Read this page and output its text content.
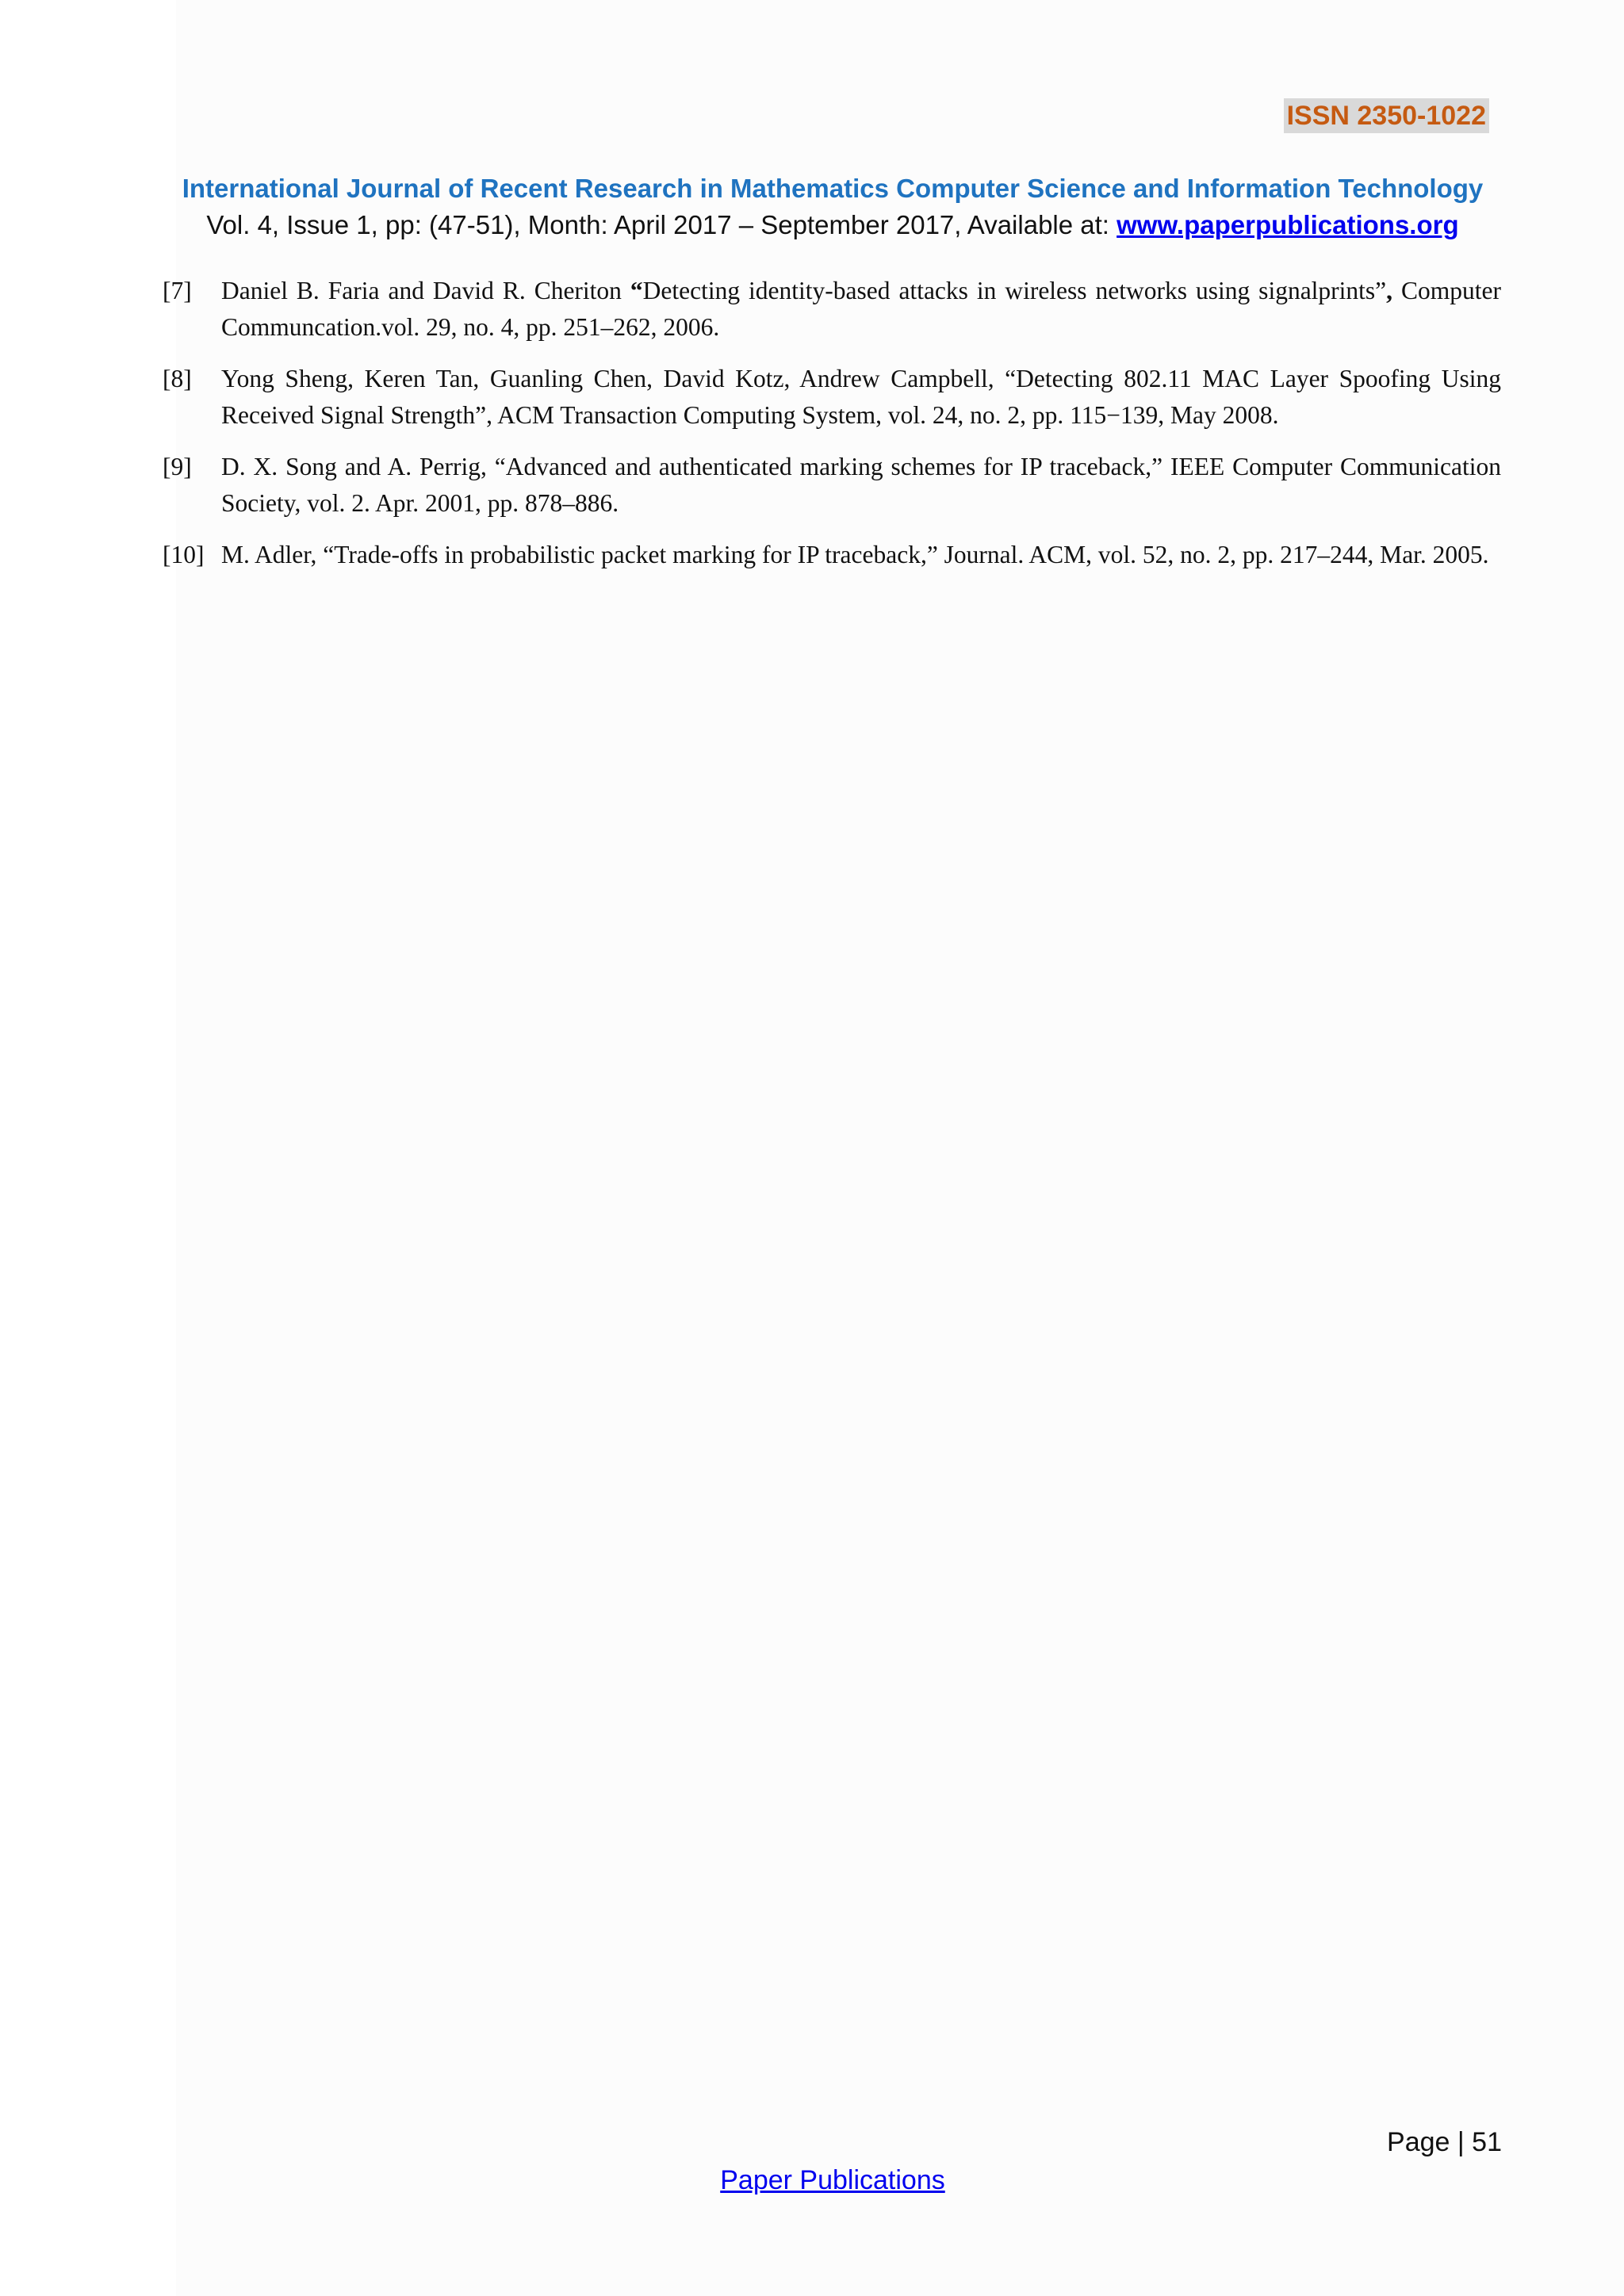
ISSN 2350-1022
International Journal of Recent Research in Mathematics Computer Science and Information Technology
Vol. 4, Issue 1, pp: (47-51), Month: April 2017 – September 2017, Available at: www.paperpublications.org
[7]	Daniel B. Faria and David R. Cheriton “Detecting identity-based attacks in wireless networks using signalprints”, Computer Communcation.vol. 29, no. 4, pp. 251–262, 2006.
[8]	Yong Sheng, Keren Tan, Guanling Chen, David Kotz, Andrew Campbell, “Detecting 802.11 MAC Layer Spoofing Using Received Signal Strength”, ACM Transaction Computing System, vol. 24, no. 2, pp. 115−139, May 2008.
[9]	D. X. Song and A. Perrig, “Advanced and authenticated marking schemes for IP traceback,” IEEE Computer Communication Society, vol. 2. Apr. 2001, pp. 878–886.
[10] M. Adler, “Trade-offs in probabilistic packet marking for IP traceback,” Journal. ACM, vol. 52, no. 2, pp. 217–244, Mar. 2005.
Page | 51
Paper Publications
